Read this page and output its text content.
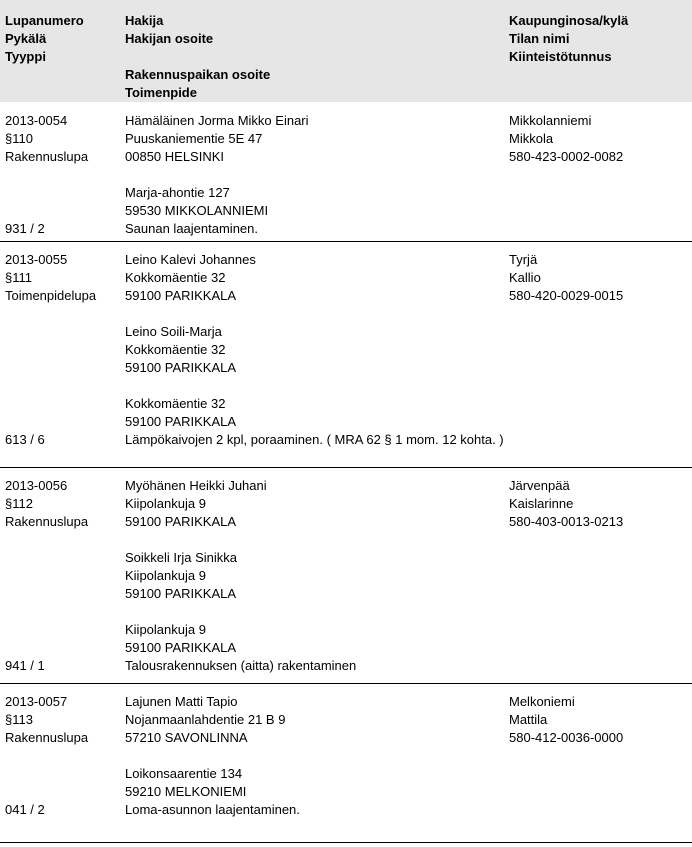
Lupanumero
Pykälä
Tyyppi
Hakija
Hakijan osoite
Rakennuspaikan osoite
Toimenpide
Kaupunginosa/kylä
Tilan nimi
Kiinteistötunnus
2013-0054
§110
Rakennuslupa
Hämäläinen Jorma Mikko Einari
Puuskaniementie 5E 47
00850 HELSINKI
Marja-ahontie 127
59530 MIKKOLANNIEMI
Saunan laajentaminen.
931 / 2
Mikkolanniemi
Mikkola
580-423-0002-0082
2013-0055
§111
Toimenpidelupa
Leino Kalevi Johannes
Kokkomäentie 32
59100 PARIKKALA
Leino Soili-Marja
Kokkomäentie 32
59100 PARIKKALA
Kokkomäentie 32
59100 PARIKKALA
Lämpökaivojen 2 kpl, poraaminen. ( MRA 62 § 1 mom. 12 kohta. )
613 / 6
Tyrjä
Kallio
580-420-0029-0015
2013-0056
§112
Rakennuslupa
Myöhänen Heikki Juhani
Kiipolankuja 9
59100 PARIKKALA
Soikkeli Irja Sinikka
Kiipolankuja 9
59100 PARIKKALA
Kiipolankuja 9
59100 PARIKKALA
Talousrakennuksen (aitta) rakentaminen
941 / 1
Järvenpää
Kaislarinne
580-403-0013-0213
2013-0057
§113
Rakennuslupa
Lajunen Matti Tapio
Nojanmaanlahdentie 21 B 9
57210 SAVONLINNA
Loikonsaarentie 134
59210 MELKONIEMI
Loma-asunnon laajentaminen.
041 / 2
Melkoniemi
Mattila
580-412-0036-0000
